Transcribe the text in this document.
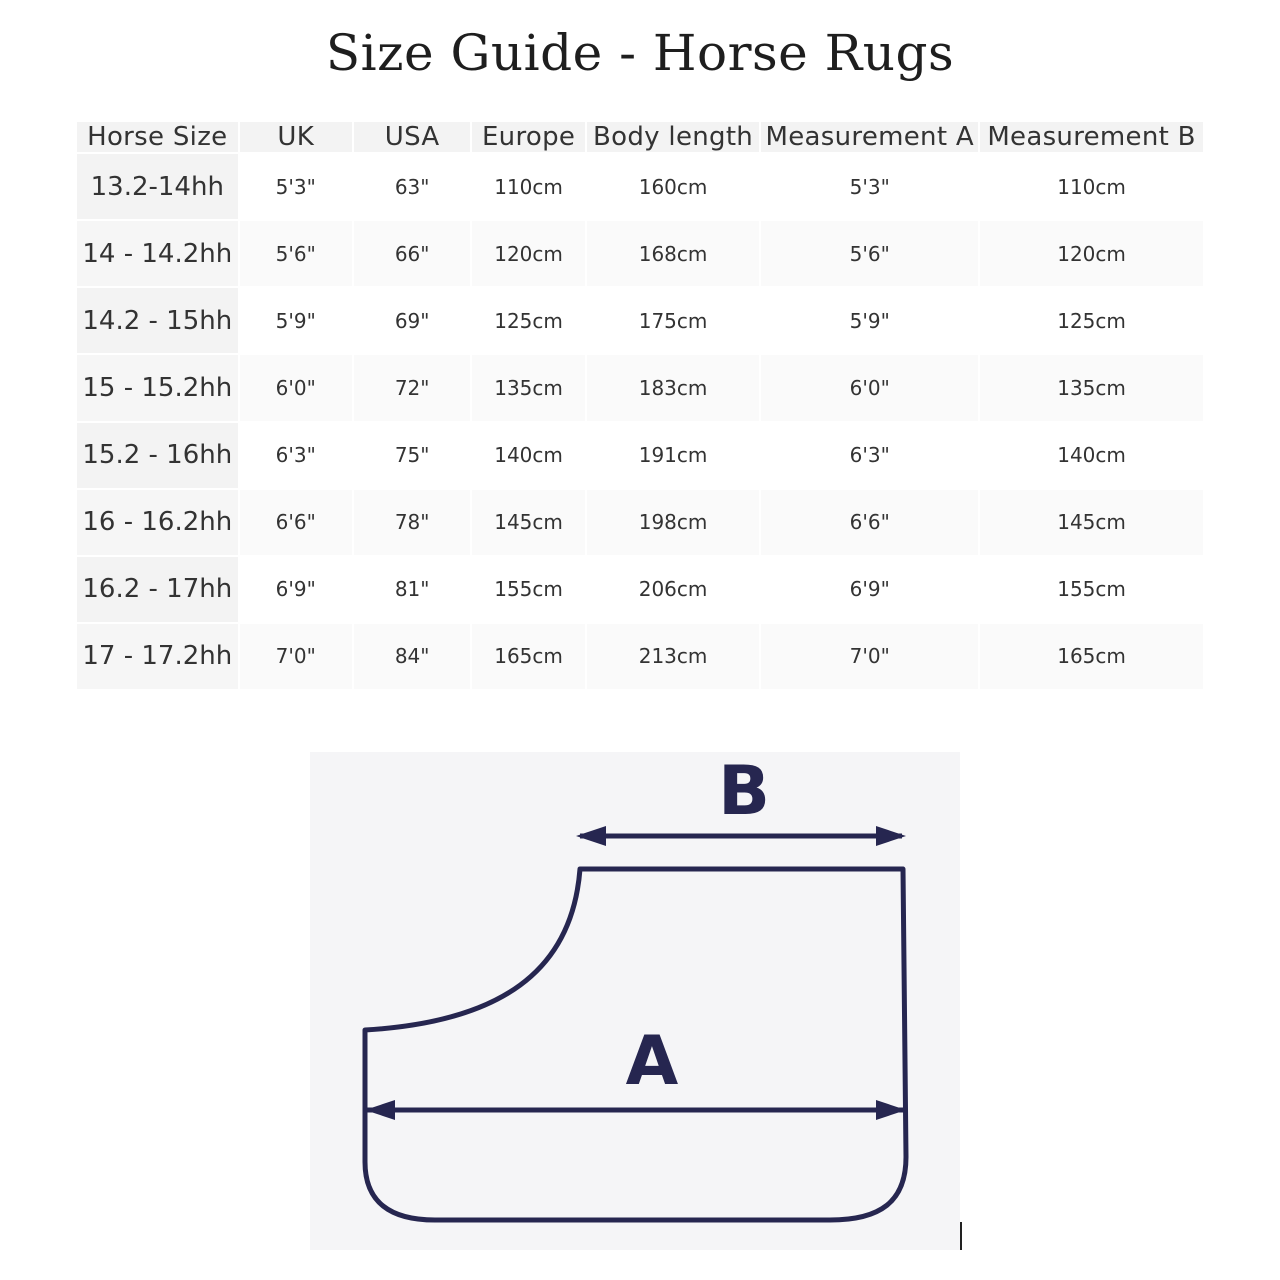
Size Guide - Horse Rugs
Horse Size	UK	USA	Europe	Body length	Measurement A	Measurement B
13.2-14hh	5'3"	63"	110cm	160cm	5'3"	110cm
14 - 14.2hh	5'6"	66"	120cm	168cm	5'6"	120cm
14.2 - 15hh	5'9"	69"	125cm	175cm	5'9"	125cm
15 - 15.2hh	6'0"	72"	135cm	183cm	6'0"	135cm
15.2 - 16hh	6'3"	75"	140cm	191cm	6'3"	140cm
16 - 16.2hh	6'6"	78"	145cm	198cm	6'6"	145cm
16.2 - 17hh	6'9"	81"	155cm	206cm	6'9"	155cm
17 - 17.2hh	7'0"	84"	165cm	213cm	7'0"	165cm
B
A
